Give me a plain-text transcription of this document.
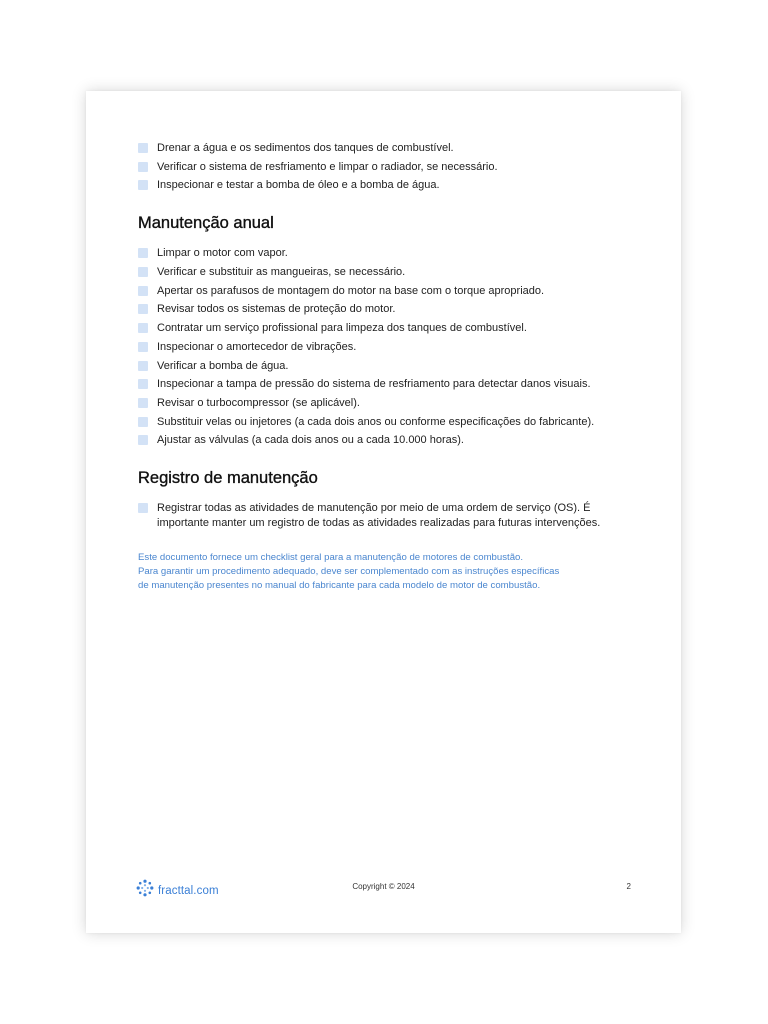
Drenar a água e os sedimentos dos tanques de combustível.
Verificar o sistema de resfriamento e limpar o radiador, se necessário.
Inspecionar e testar a bomba de óleo e a bomba de água.
Manutenção anual
Limpar o motor com vapor.
Verificar e substituir as mangueiras, se necessário.
Apertar os parafusos de montagem do motor na base com o torque apropriado.
Revisar todos os sistemas de proteção do motor.
Contratar um serviço profissional para limpeza dos tanques de combustível.
Inspecionar o amortecedor de vibrações.
Verificar a bomba de água.
Inspecionar a tampa de pressão do sistema de resfriamento para detectar danos visuais.
Revisar o turbocompressor (se aplicável).
Substituir velas ou injetores (a cada dois anos ou conforme especificações do fabricante).
Ajustar as válvulas (a cada dois anos ou a cada 10.000 horas).
Registro de manutenção
Registrar todas as atividades de manutenção por meio de uma ordem de serviço (OS). É importante manter um registro de todas as atividades realizadas para futuras intervenções.

Este documento fornece um checklist geral para a manutenção de motores de combustão.

Para garantir um procedimento adequado, deve ser complementado com as instruções específicas

de manutenção presentes no manual do fabricante para cada modelo de motor de combustão.

fracttal.com	Copyright © 2024	2
